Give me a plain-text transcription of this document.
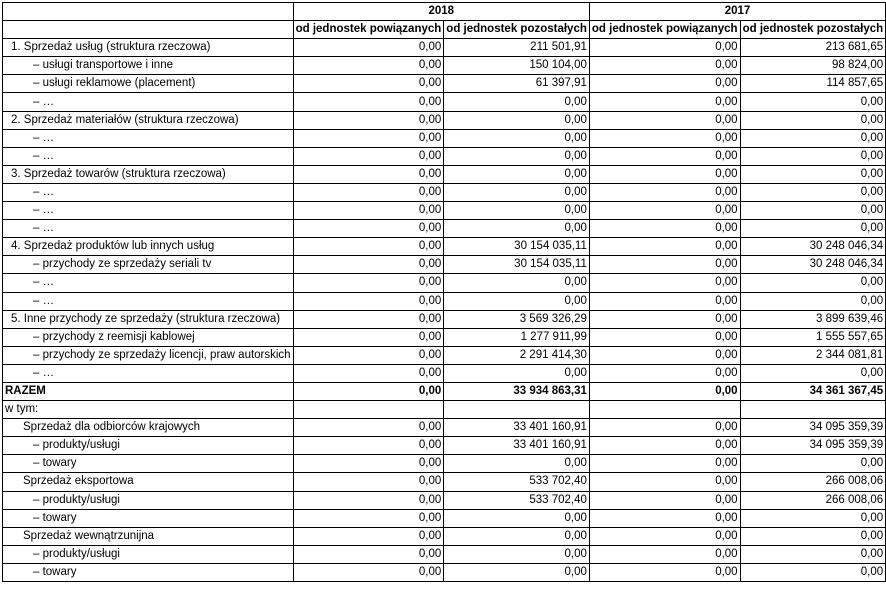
	2018		2017	
	od jednostek powiązanych	od jednostek pozostałych	od jednostek powiązanych	od jednostek pozostałych
1. Sprzedaż usług (struktura rzeczowa)	0,00	211 501,91	0,00	213 681,65
– usługi transportowe i inne	0,00	150 104,00	0,00	98 824,00
– usługi reklamowe (placement)	0,00	61 397,91	0,00	114 857,65
– …	0,00	0,00	0,00	0,00
2. Sprzedaż materiałów (struktura rzeczowa)	0,00	0,00	0,00	0,00
– …	0,00	0,00	0,00	0,00
– …	0,00	0,00	0,00	0,00
3. Sprzedaż towarów (struktura rzeczowa)	0,00	0,00	0,00	0,00
– …	0,00	0,00	0,00	0,00
– …	0,00	0,00	0,00	0,00
– …	0,00	0,00	0,00	0,00
4. Sprzedaż produktów lub innych usług	0,00	30 154 035,11	0,00	30 248 046,34
– przychody ze sprzedaży seriali tv	0,00	30 154 035,11	0,00	30 248 046,34
– …	0,00	0,00	0,00	0,00
– …	0,00	0,00	0,00	0,00
5. Inne przychody ze sprzedaży (struktura rzeczowa)	0,00	3 569 326,29	0,00	3 899 639,46
– przychody z reemisji kablowej	0,00	1 277 911,99	0,00	1 555 557,65
– przychody ze sprzedaży licencji, praw autorskich	0,00	2 291 414,30	0,00	2 344 081,81
– …	0,00	0,00	0,00	0,00
RAZEM	0,00	33 934 863,31	0,00	34 361 367,45
w tym:				
Sprzedaż dla odbiorców krajowych	0,00	33 401 160,91	0,00	34 095 359,39
– produkty/usługi	0,00	33 401 160,91	0,00	34 095 359,39
– towary	0,00	0,00	0,00	0,00
Sprzedaż eksportowa	0,00	533 702,40	0,00	266 008,06
– produkty/usługi	0,00	533 702,40	0,00	266 008,06
– towary	0,00	0,00	0,00	0,00
Sprzedaż wewnątrzunijna	0,00	0,00	0,00	0,00
– produkty/usługi	0,00	0,00	0,00	0,00
– towary	0,00	0,00	0,00	0,00
